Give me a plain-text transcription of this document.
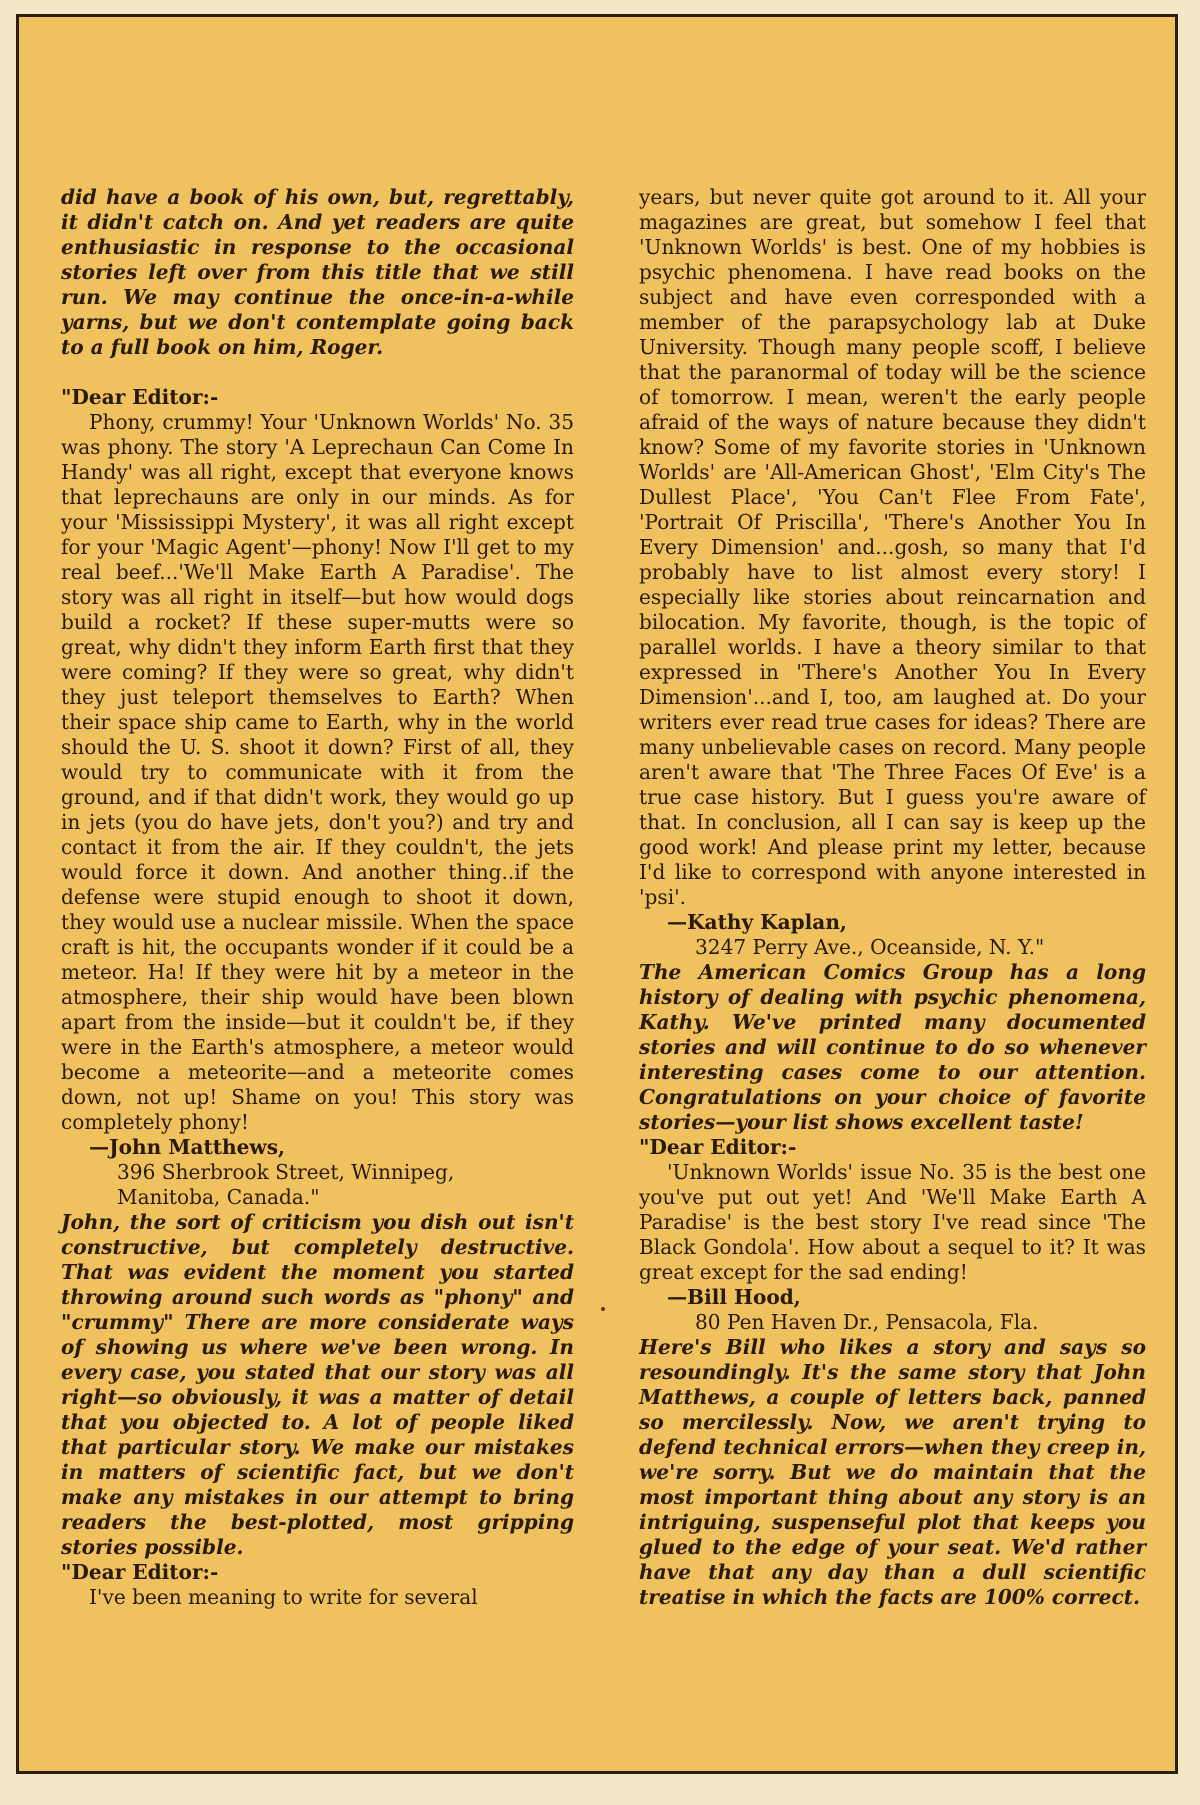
did have a book of his own, but, regrettably, it didn't catch on. And yet readers are quite enthusiastic in response to the occasional stories left over from this title that we still run. We may continue the once-in-a-while yarns, but we don't contemplate going back to a full book on him, Roger.

"Dear Editor:-

Phony, crummy! Your 'Unknown Worlds' No. 35 was phony. The story 'A Leprechaun Can Come In Handy' was all right, except that everyone knows that leprechauns are only in our minds. As for your 'Mississippi Mystery', it was all right except for your 'Magic Agent'—phony! Now I'll get to my real beef...'We'll Make Earth A Paradise'. The story was all right in itself—but how would dogs build a rocket? If these super-mutts were so great, why didn't they inform Earth first that they were coming? If they were so great, why didn't they just teleport themselves to Earth? When their space ship came to Earth, why in the world should the U. S. shoot it down? First of all, they would try to communicate with it from the ground, and if that didn't work, they would go up in jets (you do have jets, don't you?) and try and contact it from the air. If they couldn't, the jets would force it down. And another thing..if the defense were stupid enough to shoot it down, they would use a nuclear missile. When the space craft is hit, the occupants wonder if it could be a meteor. Ha! If they were hit by a meteor in the atmosphere, their ship would have been blown apart from the inside—but it couldn't be, if they were in the Earth's atmosphere, a meteor would become a meteorite—and a meteorite comes down, not up! Shame on you! This story was completely phony!

—John Matthews,

396 Sherbrook Street, Winnipeg,

Manitoba, Canada."

John, the sort of criticism you dish out isn't constructive, but completely destructive. That was evident the moment you started throwing around such words as "phony" and "crummy" There are more considerate ways of showing us where we've been wrong. In every case, you stated that our story was all right—so obviously, it was a matter of detail that you objected to. A lot of people liked that particular story. We make our mistakes in matters of scientific fact, but we don't make any mistakes in our attempt to bring readers the best-plotted, most gripping stories possible.

"Dear Editor:-

I've been meaning to write for several

years, but never quite got around to it. All your magazines are great, but somehow I feel that 'Unknown Worlds' is best. One of my hobbies is psychic phenomena. I have read books on the subject and have even corresponded with a member of the parapsychology lab at Duke University. Though many people scoff, I believe that the paranormal of today will be the science of tomorrow. I mean, weren't the early people afraid of the ways of nature because they didn't know? Some of my favorite stories in 'Unknown Worlds' are 'All-American Ghost', 'Elm City's The Dullest Place', 'You Can't Flee From Fate', 'Portrait Of Priscilla', 'There's Another You In Every Dimension' and...gosh, so many that I'd probably have to list almost every story! I especially like stories about reincarnation and bilocation. My favorite, though, is the topic of parallel worlds. I have a theory similar to that expressed in 'There's Another You In Every Dimension'...and I, too, am laughed at. Do your writers ever read true cases for ideas? There are many unbelievable cases on record. Many people aren't aware that 'The Three Faces Of Eve' is a true case history. But I guess you're aware of that. In conclusion, all I can say is keep up the good work! And please print my letter, because I'd like to correspond with anyone interested in 'psi'.

—Kathy Kaplan,

3247 Perry Ave., Oceanside, N. Y."

The American Comics Group has a long history of dealing with psychic phenomena, Kathy. We've printed many documented stories and will continue to do so whenever interesting cases come to our attention. Congratulations on your choice of favorite stories—your list shows excellent taste!

"Dear Editor:-

'Unknown Worlds' issue No. 35 is the best one you've put out yet! And 'We'll Make Earth A Paradise' is the best story I've read since 'The Black Gondola'. How about a sequel to it? It was great except for the sad ending!

—Bill Hood,

80 Pen Haven Dr., Pensacola, Fla.

Here's Bill who likes a story and says so resoundingly. It's the same story that John Matthews, a couple of letters back, panned so mercilessly. Now, we aren't trying to defend technical errors—when they creep in, we're sorry. But we do maintain that the most important thing about any story is an intriguing, suspenseful plot that keeps you glued to the edge of your seat. We'd rather have that any day than a dull scientific treatise in which the facts are 100% correct.
